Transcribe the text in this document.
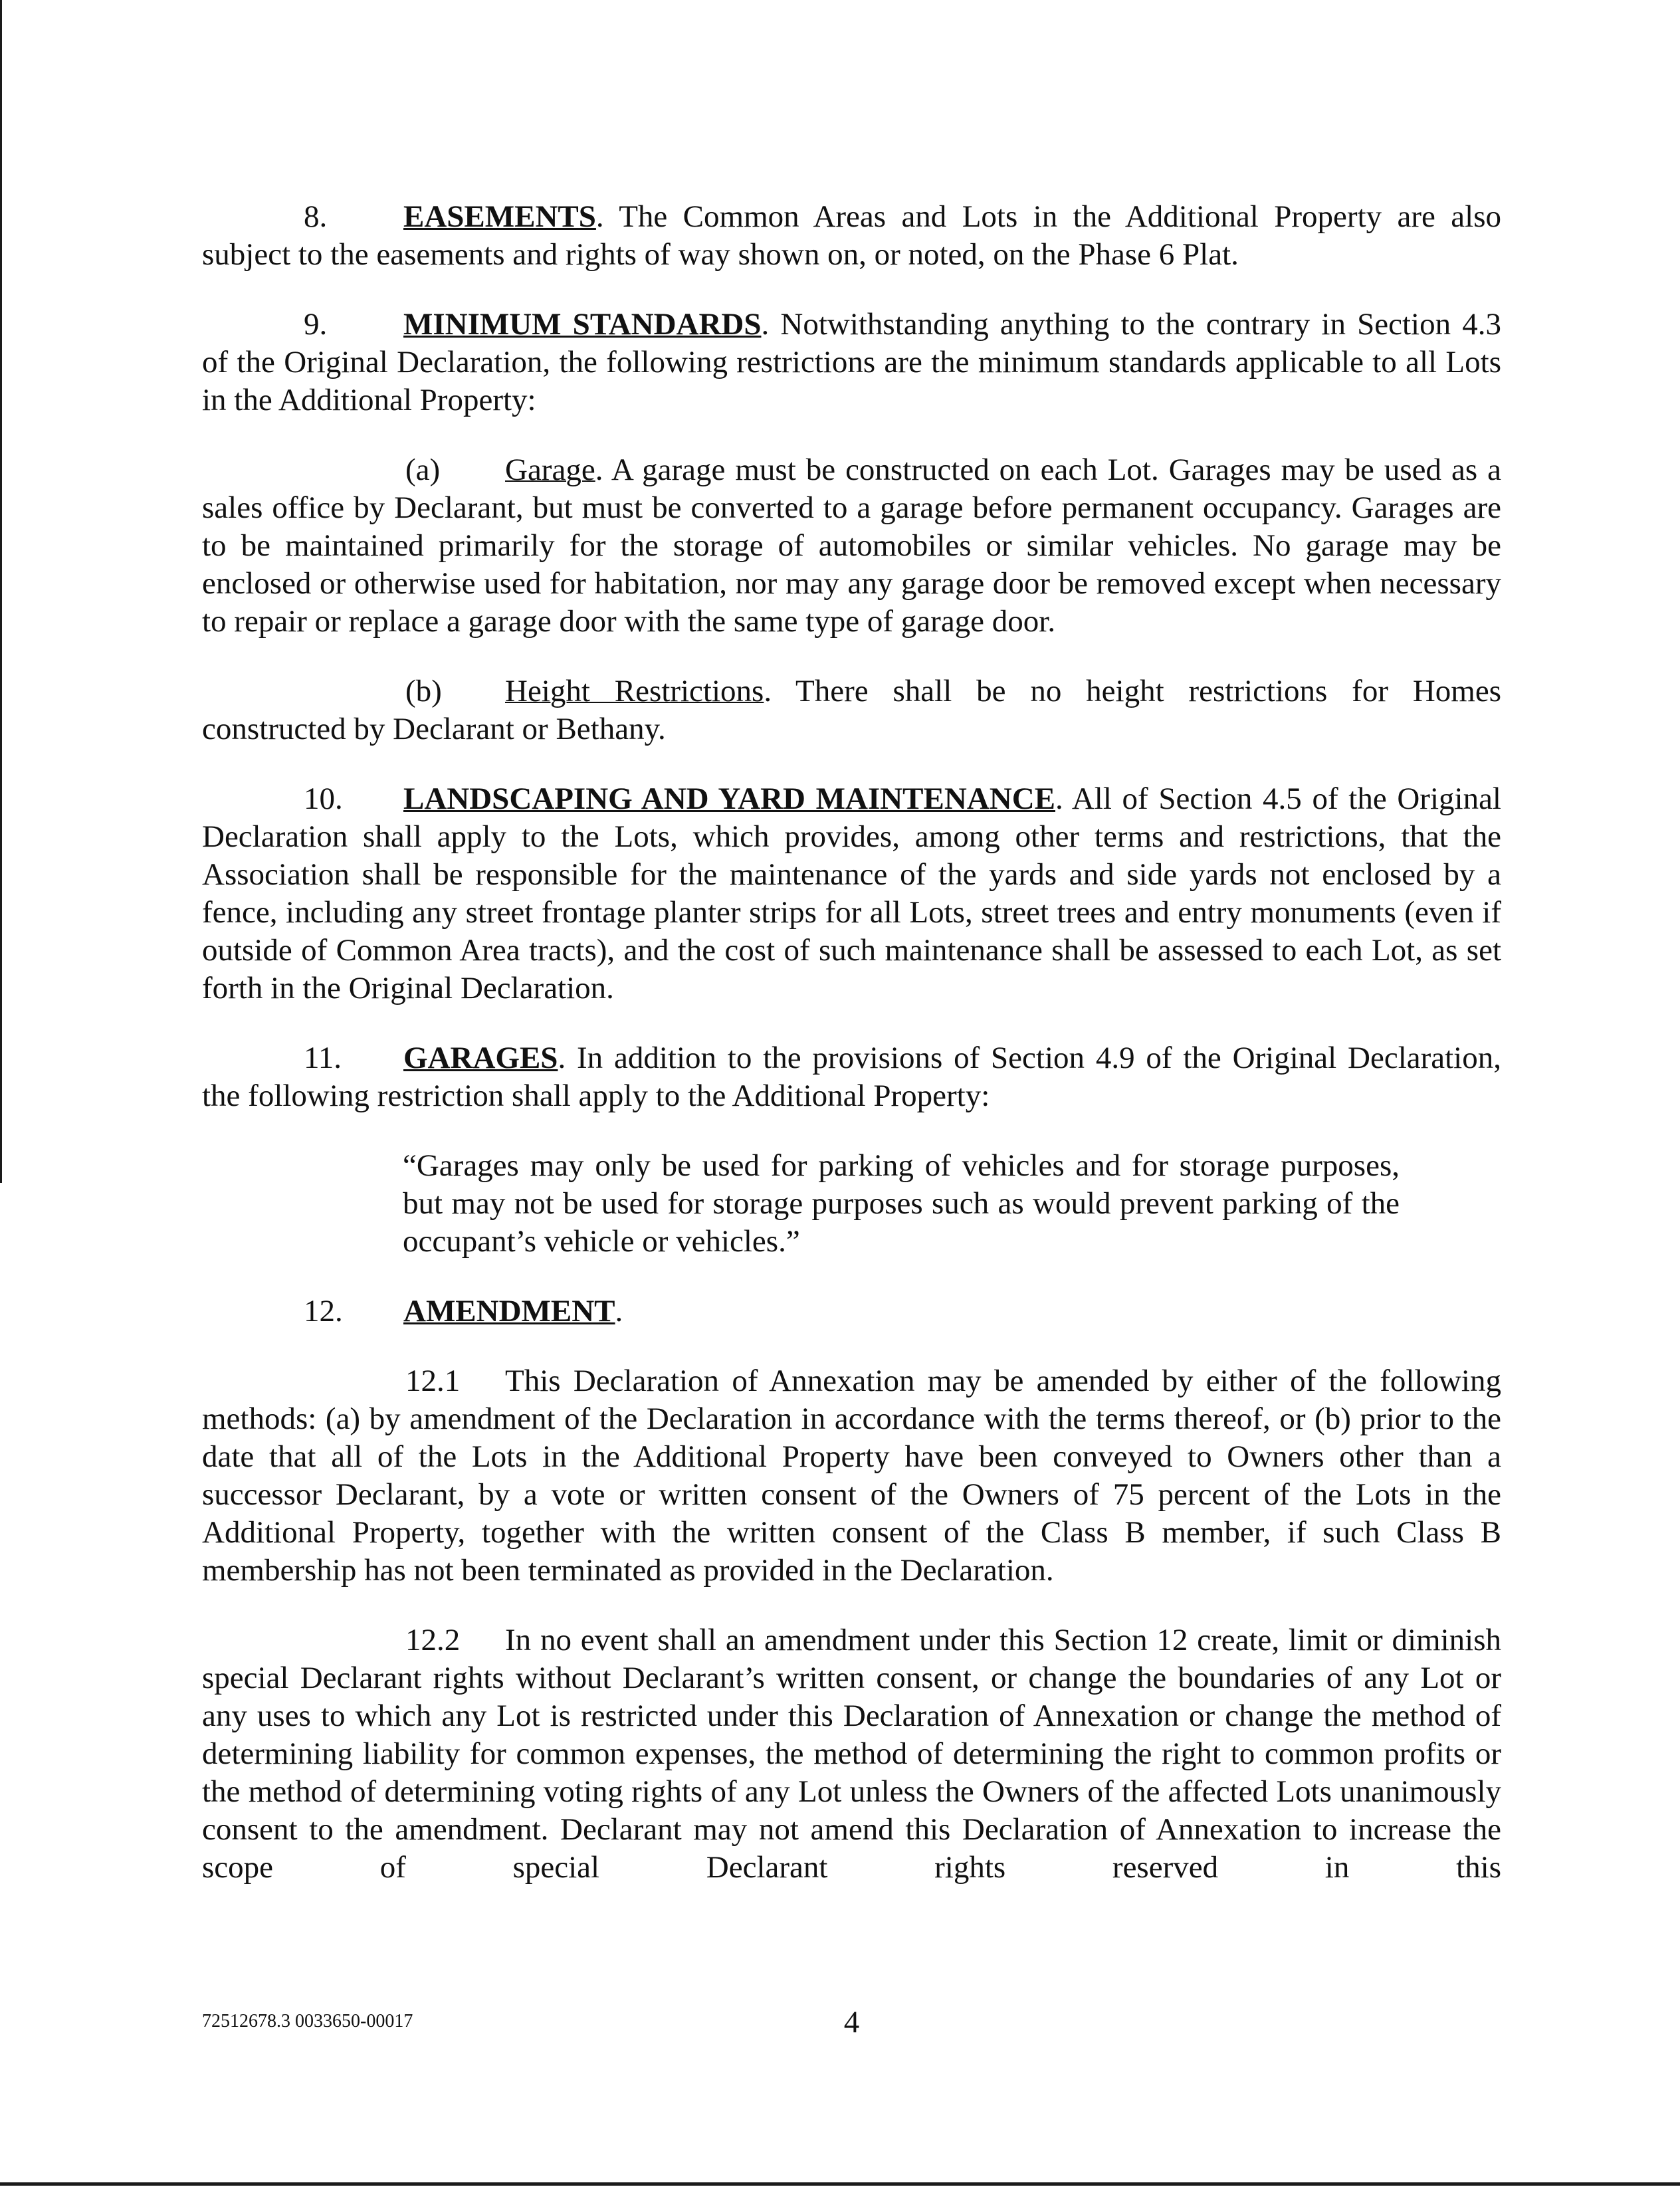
8. EASEMENTS. The Common Areas and Lots in the Additional Property are also subject to the easements and rights of way shown on, or noted, on the Phase 6 Plat.

9. MINIMUM STANDARDS. Notwithstanding anything to the contrary in Section 4.3 of the Original Declaration, the following restrictions are the minimum standards applicable to all Lots in the Additional Property:

(a) Garage. A garage must be constructed on each Lot. Garages may be used as a sales office by Declarant, but must be converted to a garage before permanent occupancy. Garages are to be maintained primarily for the storage of automobiles or similar vehicles. No garage may be enclosed or otherwise used for habitation, nor may any garage door be removed except when necessary to repair or replace a garage door with the same type of garage door.

(b) Height Restrictions. There shall be no height restrictions for Homes constructed by Declarant or Bethany.

10. LANDSCAPING AND YARD MAINTENANCE. All of Section 4.5 of the Original Declaration shall apply to the Lots, which provides, among other terms and restrictions, that the Association shall be responsible for the maintenance of the yards and side yards not enclosed by a fence, including any street frontage planter strips for all Lots, street trees and entry monuments (even if outside of Common Area tracts), and the cost of such maintenance shall be assessed to each Lot, as set forth in the Original Declaration.

11. GARAGES. In addition to the provisions of Section 4.9 of the Original Declaration, the following restriction shall apply to the Additional Property:

“Garages may only be used for parking of vehicles and for storage purposes, but may not be used for storage purposes such as would prevent parking of the occupant’s vehicle or vehicles.”

12. AMENDMENT.

12.1 This Declaration of Annexation may be amended by either of the following methods: (a) by amendment of the Declaration in accordance with the terms thereof, or (b) prior to the date that all of the Lots in the Additional Property have been conveyed to Owners other than a successor Declarant, by a vote or written consent of the Owners of 75 percent of the Lots in the Additional Property, together with the written consent of the Class B member, if such Class B membership has not been terminated as provided in the Declaration.

12.2 In no event shall an amendment under this Section 12 create, limit or diminish special Declarant rights without Declarant’s written consent, or change the boundaries of any Lot or any uses to which any Lot is restricted under this Declaration of Annexation or change the method of determining liability for common expenses, the method of determining the right to common profits or the method of determining voting rights of any Lot unless the Owners of the affected Lots unanimously consent to the amendment. Declarant may not amend this Declaration of Annexation to increase the scope of special Declarant rights reserved in this

72512678.3 0033650-00017	4
